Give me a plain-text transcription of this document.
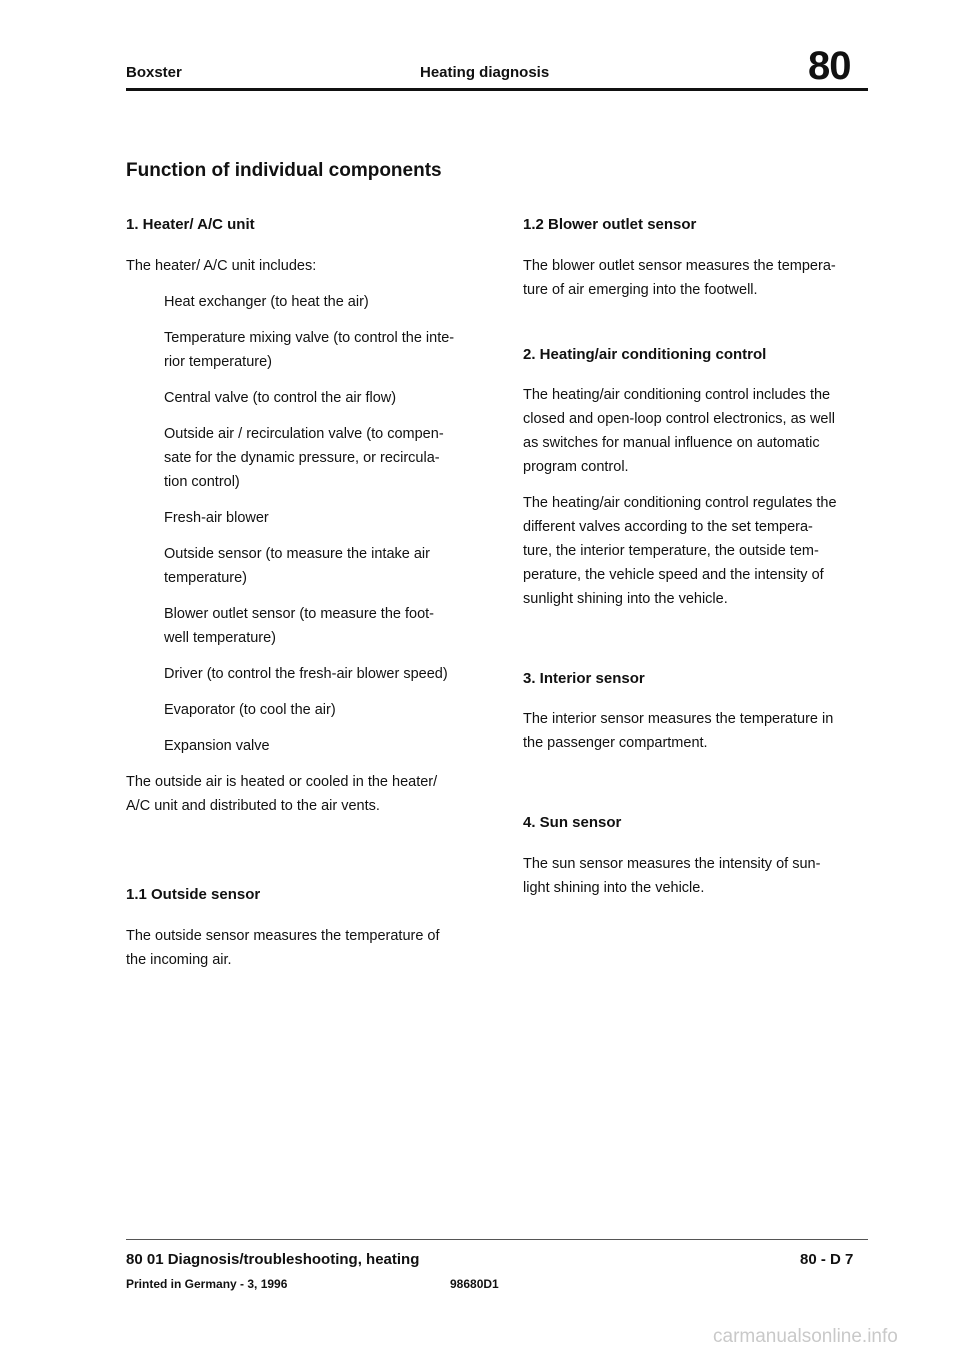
Boxster	Heating diagnosis	80
Function of individual components
1. Heater/ A/C unit

The heater/ A/C unit includes:

Heat exchanger (to heat the air)

Temperature mixing valve (to control the inte-

rior temperature)

Central valve (to control the air flow)

Outside air / recirculation valve (to compen-

sate for the dynamic pressure, or recircula-

tion control)

Fresh-air blower

Outside sensor (to measure the intake air

temperature)

Blower outlet sensor (to measure the foot-

well temperature)

Driver (to control the fresh-air blower speed)

Evaporator (to cool the air)

Expansion valve

The outside air is heated or cooled in the heater/

A/C unit and distributed to the air vents.

1.1 Outside sensor

The outside sensor measures the temperature of

the incoming air.

1.2 Blower outlet sensor

The blower outlet sensor measures the tempera-

ture of air emerging into the footwell.

2. Heating/air conditioning control

The heating/air conditioning control includes the

closed and open-loop control electronics, as well

as switches for manual influence on automatic

program control.

The heating/air conditioning control regulates the

different valves according to the set tempera-

ture, the interior temperature, the outside tem-

perature, the vehicle speed and the intensity of

sunlight shining into the vehicle.

3. Interior sensor

The interior sensor measures the temperature in

the passenger compartment.

4. Sun sensor

The sun sensor measures the intensity of sun-

light shining into the vehicle.

80 01 Diagnosis/troubleshooting, heating
Printed in Germany - 3, 1996	98680D1
80 - D 7
carmanualsonline.info
